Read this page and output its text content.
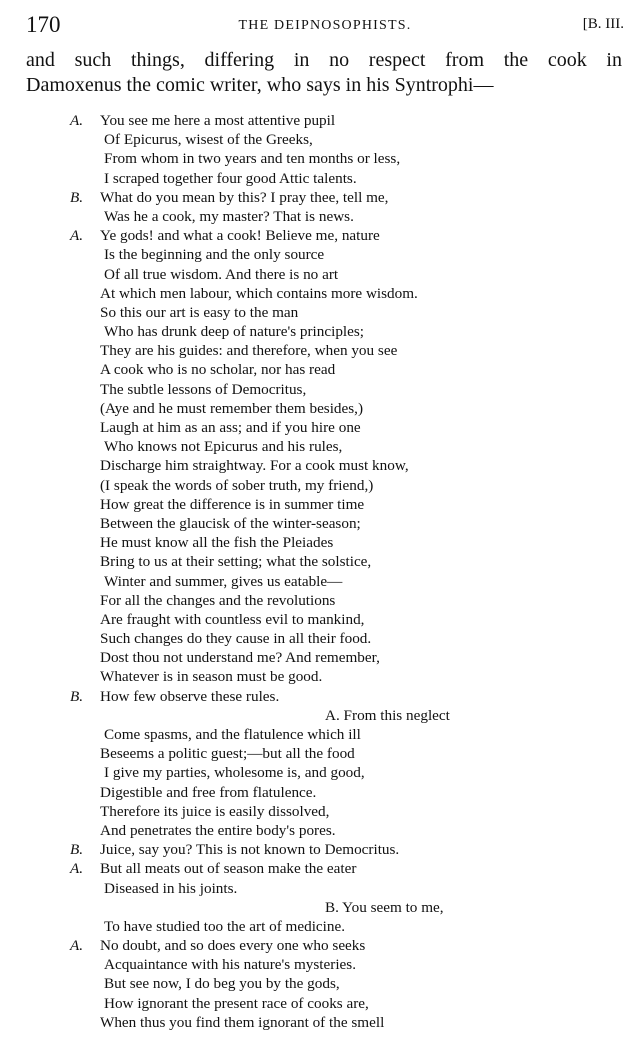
170	THE DEIPNOSOPHISTS.	[B. III.
and such things, differing in no respect from the cook in
Damoxenus the comic writer, who says in his Syntrophi—
A.	You see me here a most attentive pupil
Of Epicurus, wisest of the Greeks,
From whom in two years and ten months or less,
I scraped together four good Attic talents.
B.	What do you mean by this? I pray thee, tell me,
Was he a cook, my master? That is news.
A.	Ye gods! and what a cook! Believe me, nature
Is the beginning and the only source
Of all true wisdom. And there is no art
At which men labour, which contains more wisdom.
So this our art is easy to the man
Who has drunk deep of nature's principles;
They are his guides: and therefore, when you see
A cook who is no scholar, nor has read
The subtle lessons of Democritus,
(Aye and he must remember them besides,)
Laugh at him as an ass; and if you hire one
Who knows not Epicurus and his rules,
Discharge him straightway. For a cook must know,
(I speak the words of sober truth, my friend,)
How great the difference is in summer time
Between the glaucisk of the winter-season;
He must know all the fish the Pleiades
Bring to us at their setting; what the solstice,
Winter and summer, gives us eatable—
For all the changes and the revolutions
Are fraught with countless evil to mankind,
Such changes do they cause in all their food.
Dost thou not understand me? And remember,
Whatever is in season must be good.
B.	How few observe these rules.
A. From this neglect
Come spasms, and the flatulence which ill
Beseems a politic guest;—but all the food
I give my parties, wholesome is, and good,
Digestible and free from flatulence.
Therefore its juice is easily dissolved,
And penetrates the entire body's pores.
B.	Juice, say you? This is not known to Democritus.
A.	But all meats out of season make the eater
Diseased in his joints.
B. You seem to me,
To have studied too the art of medicine.
A.	No doubt, and so does every one who seeks
Acquaintance with his nature's mysteries.
But see now, I do beg you by the gods,
How ignorant the present race of cooks are,
When thus you find them ignorant of the smell
